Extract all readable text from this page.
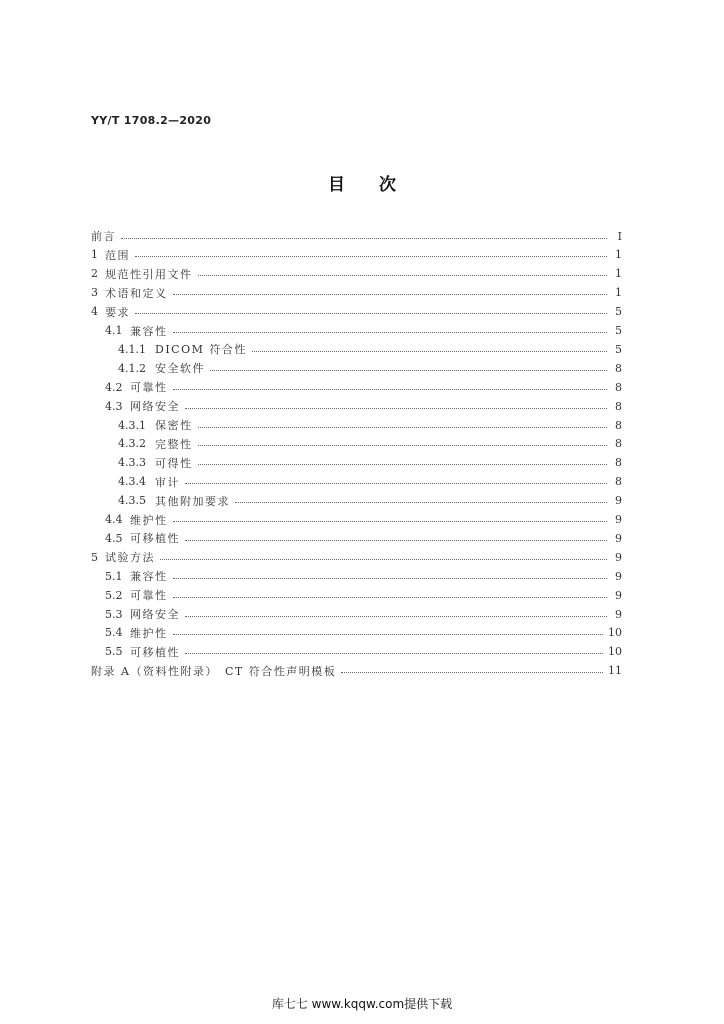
YY/T 1708.2—2020
目次
前言	Ⅰ
1 范围	1
2 规范性引用文件	1
3 术语和定义	1
4 要求	5
4.1 兼容性	5
4.1.1 DICOM 符合性	5
4.1.2 安全软件	8
4.2 可靠性	8
4.3 网络安全	8
4.3.1 保密性	8
4.3.2 完整性	8
4.3.3 可得性	8
4.3.4 审计	8
4.3.5 其他附加要求	9
4.4 维护性	9
4.5 可移植性	9
5 试验方法	9
5.1 兼容性	9
5.2 可靠性	9
5.3 网络安全	9
5.4 维护性	10
5.5 可移植性	10
附录 A（资料性附录）　CT 符合性声明模板	11
库七七 www.kqqw.com提供下载
